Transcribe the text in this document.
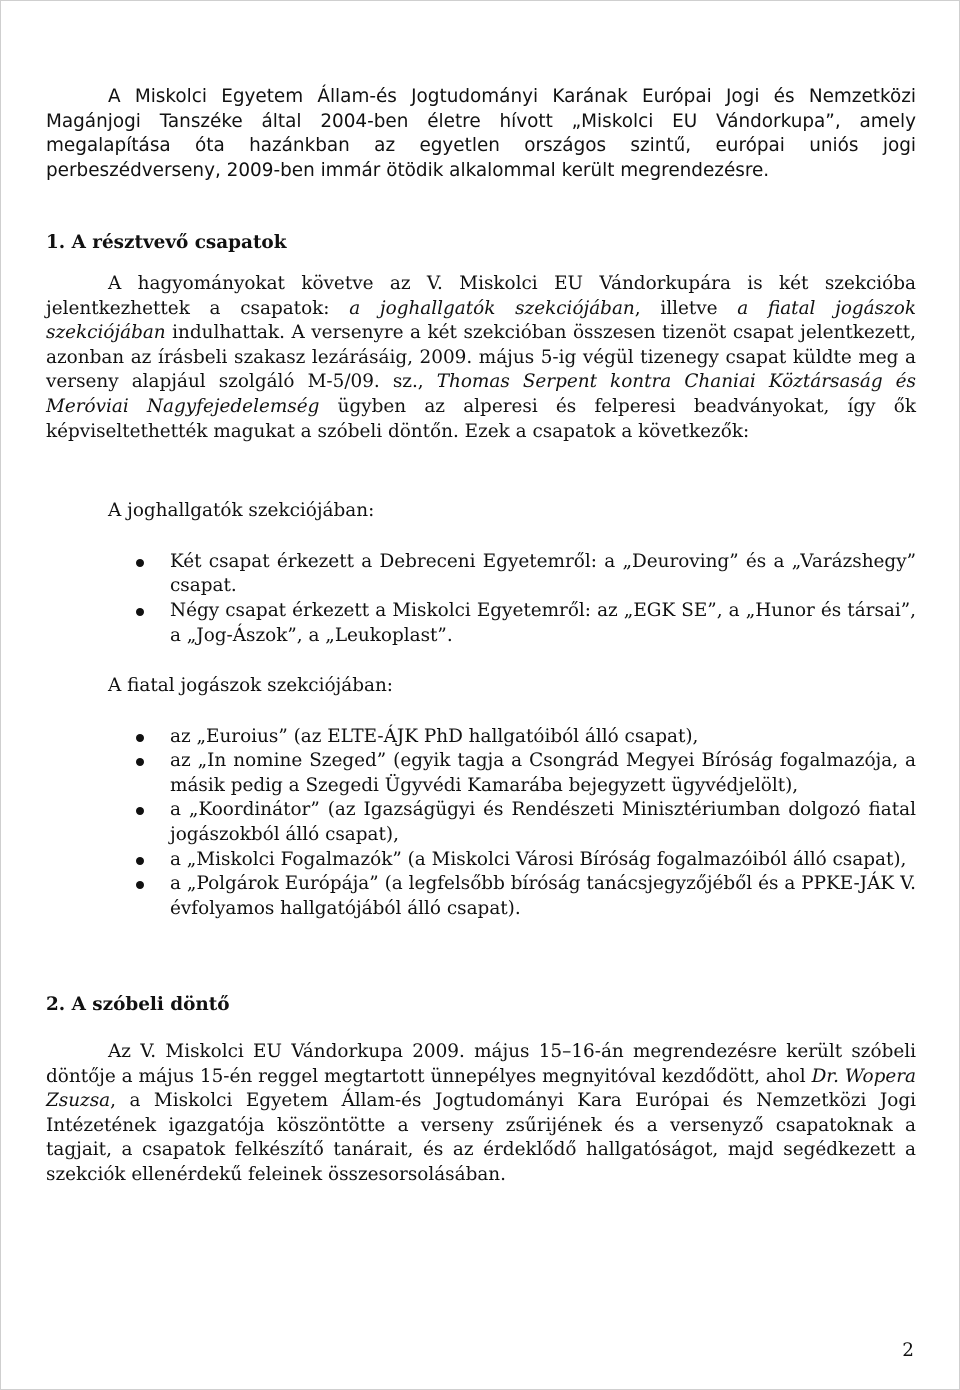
A Miskolci Egyetem Állam-és Jogtudományi Karának Európai Jogi és Nemzetközi Magánjogi Tanszéke által 2004-ben életre hívott „Miskolci EU Vándorkupa”, amely megalapítása óta hazánkban az egyetlen országos szintű, európai uniós jogi perbeszédverseny, 2009-ben immár ötödik alkalommal került megrendezésre.

1. A résztvevő csapatok

A hagyományokat követve az V. Miskolci EU Vándorkupára is két szekcióba jelentkezhettek a csapatok: a joghallgatók szekciójában, illetve a fiatal jogászok szekciójában indulhattak. A versenyre a két szekcióban összesen tizenöt csapat jelentkezett, azonban az írásbeli szakasz lezárásáig, 2009. május 5-ig végül tizenegy csapat küldte meg a verseny alapjául szolgáló M-5/09. sz., Thomas Serpent kontra Chaniai Köztársaság és Meróviai Nagyfejedelemség ügyben az alperesi és felperesi beadványokat, így ők képviseltethették magukat a szóbeli döntőn. Ezek a csapatok a következők:

A joghallgatók szekciójában:

Két csapat érkezett a Debreceni Egyetemről: a „Deuroving” és a „Varázshegy” csapat.
Négy csapat érkezett a Miskolci Egyetemről: az „EGK SE”, a „Hunor és társai”, a „Jog-Ászok”, a „Leukoplast”.

A fiatal jogászok szekciójában:

az „Euroius” (az ELTE-ÁJK PhD hallgatóiból álló csapat),
az „In nomine Szeged” (egyik tagja a Csongrád Megyei Bíróság fogalmazója, a másik pedig a Szegedi Ügyvédi Kamarába bejegyzett ügyvédjelölt),
a „Koordinátor” (az Igazságügyi és Rendészeti Minisztériumban dolgozó fiatal jogászokból álló csapat),
a „Miskolci Fogalmazók” (a Miskolci Városi Bíróság fogalmazóiból álló csapat),
a „Polgárok Európája” (a legfelsőbb bíróság tanácsjegyzőjéből és a PPKE-JÁK V. évfolyamos hallgatójából álló csapat).

2. A szóbeli döntő

Az V. Miskolci EU Vándorkupa 2009. május 15–16-án megrendezésre került szóbeli döntője a május 15-én reggel megtartott ünnepélyes megnyitóval kezdődött, ahol Dr. Wopera Zsuzsa, a Miskolci Egyetem Állam-és Jogtudományi Kara Európai és Nemzetközi Jogi Intézetének igazgatója köszöntötte a verseny zsűrijének és a versenyző csapatoknak a tagjait, a csapatok felkészítő tanárait, és az érdeklődő hallgatóságot, majd segédkezett a szekciók ellenérdekű feleinek összesorsolásában.

2
